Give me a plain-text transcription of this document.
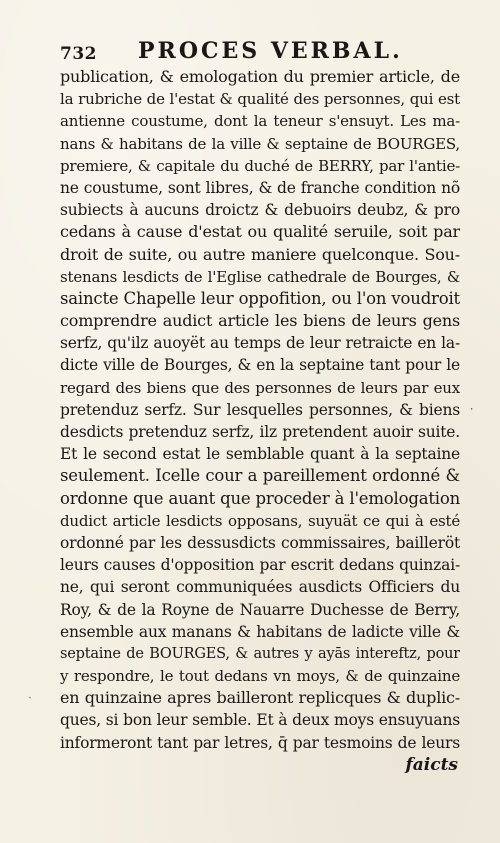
732 PROCES VERBAL.
publication, & emologation du premier article, de
la rubriche de l'estat & qualité des personnes, qui est
antienne coustume, dont la teneur s'ensuyt. Les ma-
nans & habitans de la ville & septaine de BOURGES,
premiere, & capitale du duché de BERRY, par l'antie-
ne coustume, sont libres, & de franche condition nõ
subiects à aucuns droictz & debuoirs deubz, & pro
cedans à cause d'estat ou qualité seruile, soit par
droit de suite, ou autre maniere quelconque. Sou-
stenans lesdicts de l'Eglise cathedrale de Bourges, &
saincte Chapelle leur oppofition, ou l'on voudroit
comprendre audict article les biens de leurs gens
serfz, qu'ilz auoyët au temps de leur retraicte en la-
dicte ville de Bourges, & en la septaine tant pour le
regard des biens que des personnes de leurs par eux
pretenduz serfz. Sur lesquelles personnes, & biens
desdicts pretenduz serfz, ilz pretendent auoir suite.
Et le second estat le semblable quant à la septaine
seulement. Icelle cour a pareillement ordonné &
ordonne que auant que proceder à l'emologation
dudict article lesdicts opposans, suyuät ce qui à esté
ordonné par les dessusdicts commissaires, bailleröt
leurs causes d'opposition par escrit dedans quinzai-
ne, qui seront communiquées ausdicts Officiers du
Roy, & de la Royne de Nauarre Duchesse de Berry,
ensemble aux manans & habitans de ladicte ville &
septaine de BOURGES, & autres y ayās intereftz, pour
y respondre, le tout dedans vn moys, & de quinzaine
en quinzaine apres bailleront replicques & duplic-
ques, si bon leur semble. Et à deux moys ensuyuans
informeront tant par letres, q̄ par tesmoins de leurs
faicts
⸳
ˏ
